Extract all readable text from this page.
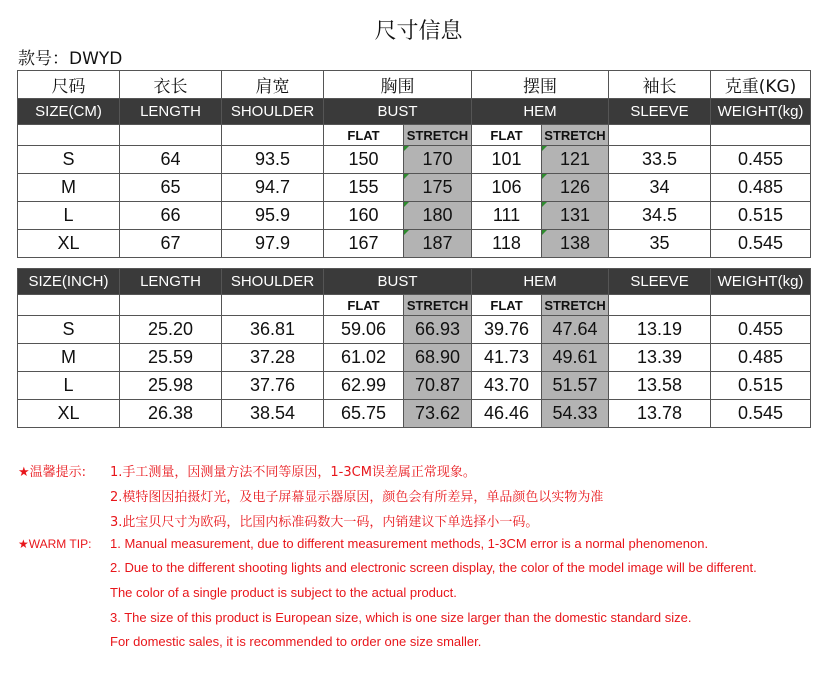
尺寸信息
款号：DWYD
尺码	衣长	肩宽	胸围		摆围		袖长	克重(KG)
SIZE(CM)	LENGTH	SHOULDER	BUST		HEM		SLEEVE	WEIGHT(kg)
			FLAT	STRETCH	FLAT	STRETCH		
S	64	93.5	150	170	101	121	33.5	0.455
M	65	94.7	155	175	106	126	34	0.485
L	66	95.9	160	180	111	131	34.5	0.515
XL	67	97.9	167	187	118	138	35	0.545
SIZE(INCH)	LENGTH	SHOULDER	BUST		HEM		SLEEVE	WEIGHT(kg)
			FLAT	STRETCH	FLAT	STRETCH		
S	25.20	36.81	59.06	66.93	39.76	47.64	13.19	0.455
M	25.59	37.28	61.02	68.90	41.73	49.61	13.39	0.485
L	25.98	37.76	62.99	70.87	43.70	51.57	13.58	0.515
XL	26.38	38.54	65.75	73.62	46.46	54.33	13.78	0.545
★温馨提示: 1.手工测量，因测量方法不同等原因，1-3CM误差属正常现象。
2.模特图因拍摄灯光，及电子屏幕显示器原因，颜色会有所差异，单品颜色以实物为准
3.此宝贝尺寸为欧码，比国内标准码数大一码，内销建议下单选择小一码。
★WARM TIP: 1. Manual measurement, due to different measurement methods, 1-3CM error is a normal phenomenon.
2. Due to the different shooting lights and electronic screen display, the color of the model image will be different.
The color of a single product is subject to the actual product.
3. The size of this product is European size, which is one size larger than the domestic standard size.
For domestic sales, it is recommended to order one size smaller.
